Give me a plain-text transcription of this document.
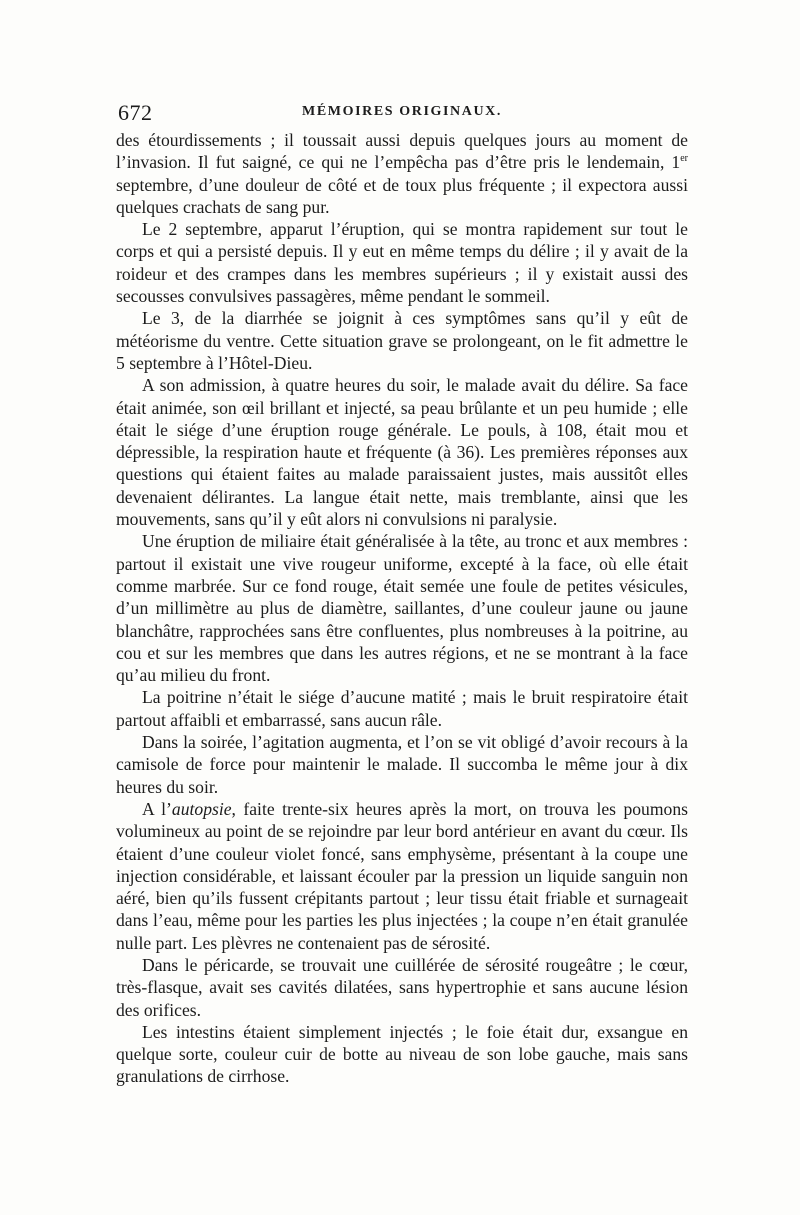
672	MÉMOIRES ORIGINAUX.

des étourdissements ; il toussait aussi depuis quelques jours au moment de l’invasion. Il fut saigné, ce qui ne l’empêcha pas d’être pris le lendemain, 1er septembre, d’une douleur de côté et de toux plus fréquente ; il expectora aussi quelques crachats de sang pur.

Le 2 septembre, apparut l’éruption, qui se montra rapidement sur tout le corps et qui a persisté depuis. Il y eut en même temps du délire ; il y avait de la roideur et des crampes dans les membres supérieurs ; il y existait aussi des secousses convulsives passagères, même pendant le sommeil.

Le 3, de la diarrhée se joignit à ces symptômes sans qu’il y eût de météorisme du ventre. Cette situation grave se prolongeant, on le fit admettre le 5 septembre à l’Hôtel-Dieu.

A son admission, à quatre heures du soir, le malade avait du délire. Sa face était animée, son œil brillant et injecté, sa peau brûlante et un peu humide ; elle était le siége d’une éruption rouge générale. Le pouls, à 108, était mou et dépressible, la respiration haute et fréquente (à 36). Les premières réponses aux questions qui étaient faites au malade paraissaient justes, mais aussitôt elles devenaient délirantes. La langue était nette, mais tremblante, ainsi que les mouvements, sans qu’il y eût alors ni convulsions ni paralysie.

Une éruption de miliaire était généralisée à la tête, au tronc et aux membres : partout il existait une vive rougeur uniforme, excepté à la face, où elle était comme marbrée. Sur ce fond rouge, était semée une foule de petites vésicules, d’un millimètre au plus de diamètre, saillantes, d’une couleur jaune ou jaune blanchâtre, rapprochées sans être confluentes, plus nombreuses à la poitrine, au cou et sur les membres que dans les autres régions, et ne se montrant à la face qu’au milieu du front.

La poitrine n’était le siége d’aucune matité ; mais le bruit respiratoire était partout affaibli et embarrassé, sans aucun râle.

Dans la soirée, l’agitation augmenta, et l’on se vit obligé d’avoir recours à la camisole de force pour maintenir le malade. Il succomba le même jour à dix heures du soir.

A l’autopsie, faite trente-six heures après la mort, on trouva les poumons volumineux au point de se rejoindre par leur bord antérieur en avant du cœur. Ils étaient d’une couleur violet foncé, sans emphysème, présentant à la coupe une injection considérable, et laissant écouler par la pression un liquide sanguin non aéré, bien qu’ils fussent crépitants partout ; leur tissu était friable et surnageait dans l’eau, même pour les parties les plus injectées ; la coupe n’en était granulée nulle part. Les plèvres ne contenaient pas de sérosité.

Dans le péricarde, se trouvait une cuillérée de sérosité rougeâtre ; le cœur, très-flasque, avait ses cavités dilatées, sans hypertrophie et sans aucune lésion des orifices.

Les intestins étaient simplement injectés ; le foie était dur, exsangue en quelque sorte, couleur cuir de botte au niveau de son lobe gauche, mais sans granulations de cirrhose.
